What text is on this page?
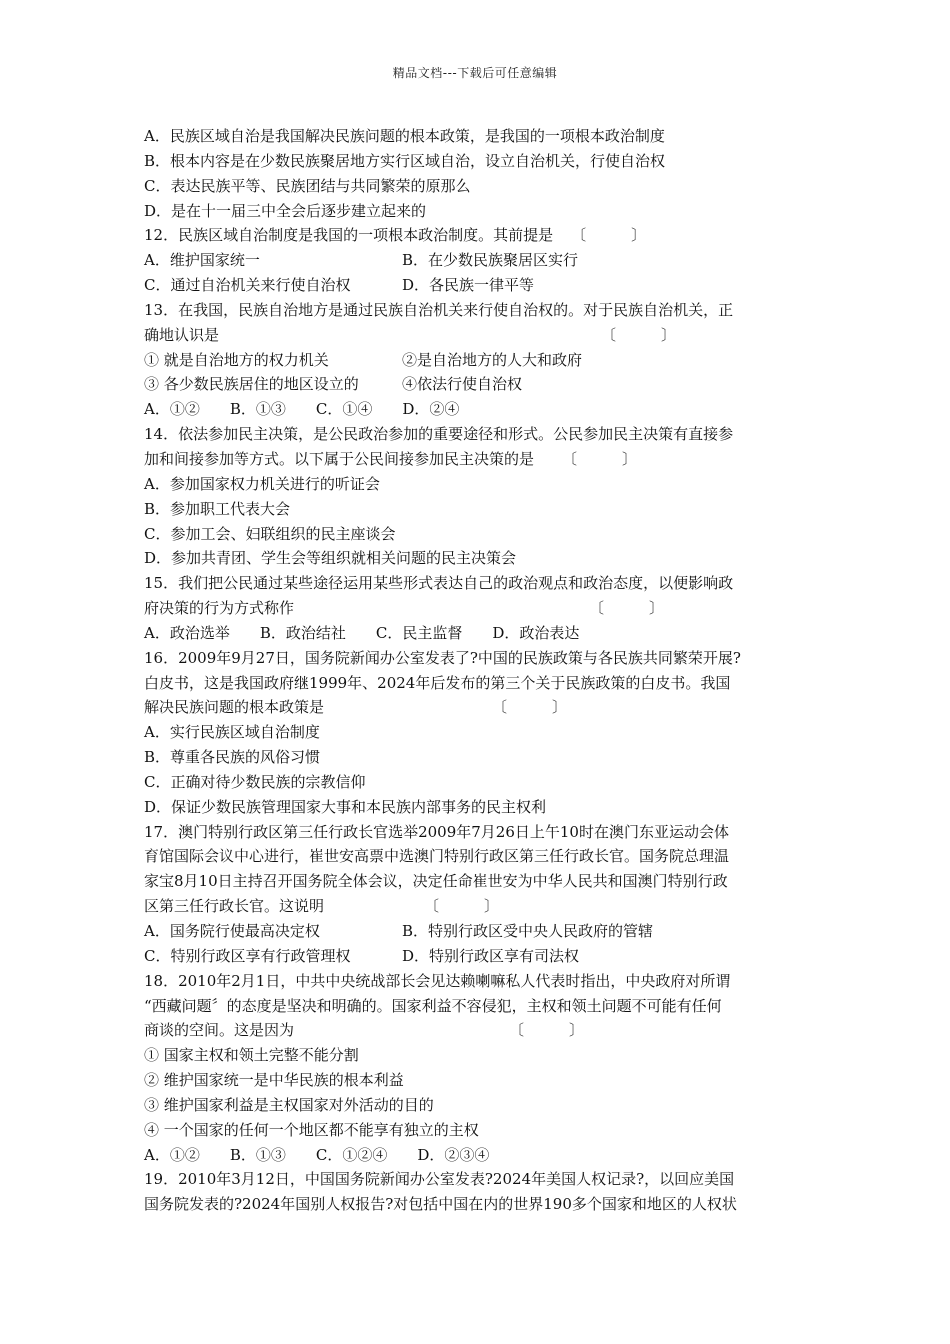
精品文档---下载后可任意编辑
A．民族区域自治是我国解决民族问题的根本政策，是我国的一项根本政治制度
B．根本内容是在少数民族聚居地方实行区域自治，设立自治机关，行使自治权
C．表达民族平等、民族团结与共同繁荣的原那么
D．是在十一届三中全会后逐步建立起来的
12．民族区域自治制度是我国的一项根本政治制度。其前提是 〔　　　〕
A．维护国家统一	B．在少数民族聚居区实行
C．通过自治机关来行使自治权	D．各民族一律平等
13．在我国，民族自治地方是通过民族自治机关来行使自治权的。对于民族自治机关，正
确地认识是	〔　　　〕
① 就是自治地方的权力机关	②是自治地方的人大和政府
③ 各少数民族居住的地区设立的	④依法行使自治权
A．①②　　B．①③　　C．①④　　D．②④
14．依法参加民主决策，是公民政治参加的重要途径和形式。公民参加民主决策有直接参
加和间接参加等方式。以下属于公民间接参加民主决策的是 〔　　　〕
A．参加国家权力机关进行的听证会
B．参加职工代表大会
C．参加工会、妇联组织的民主座谈会
D．参加共青团、学生会等组织就相关问题的民主决策会
15．我们把公民通过某些途径运用某些形式表达自己的政治观点和政治态度，以便影响政
府决策的行为方式称作	〔　　　〕
A．政治选举　　B．政治结社　　C．民主监督　　D．政治表达
16．2009年9月27日，国务院新闻办公室发表了?中国的民族政策与各民族共同繁荣开展?
白皮书，这是我国政府继1999年、2024年后发布的第三个关于民族政策的白皮书。我国
解决民族问题的根本政策是	〔　　　〕
A．实行民族区域自治制度
B．尊重各民族的风俗习惯
C．正确对待少数民族的宗教信仰
D．保证少数民族管理国家大事和本民族内部事务的民主权利
17．澳门特别行政区第三任行政长官选举2009年7月26日上午10时在澳门东亚运动会体
育馆国际会议中心进行，崔世安高票中选澳门特别行政区第三任行政长官。国务院总理温
家宝8月10日主持召开国务院全体会议，决定任命崔世安为中华人民共和国澳门特别行政
区第三任行政长官。这说明	〔　　　〕
A．国务院行使最高决定权	B．特别行政区受中央人民政府的管辖
C．特别行政区享有行政管理权	D．特别行政区享有司法权
18．2010年2月1日，中共中央统战部长会见达赖喇嘛私人代表时指出，中央政府对所谓
“西藏问题〞的态度是坚决和明确的。国家利益不容侵犯，主权和领土问题不可能有任何
商谈的空间。这是因为	〔　　　〕
① 国家主权和领土完整不能分割
② 维护国家统一是中华民族的根本利益
③ 维护国家利益是主权国家对外活动的目的
④ 一个国家的任何一个地区都不能享有独立的主权
A．①②　　B．①③　　C．①②④　　D．②③④
19．2010年3月12日，中国国务院新闻办公室发表?2024年美国人权记录?，以回应美国
国务院发表的?2024年国别人权报告?对包括中国在内的世界190多个国家和地区的人权状
